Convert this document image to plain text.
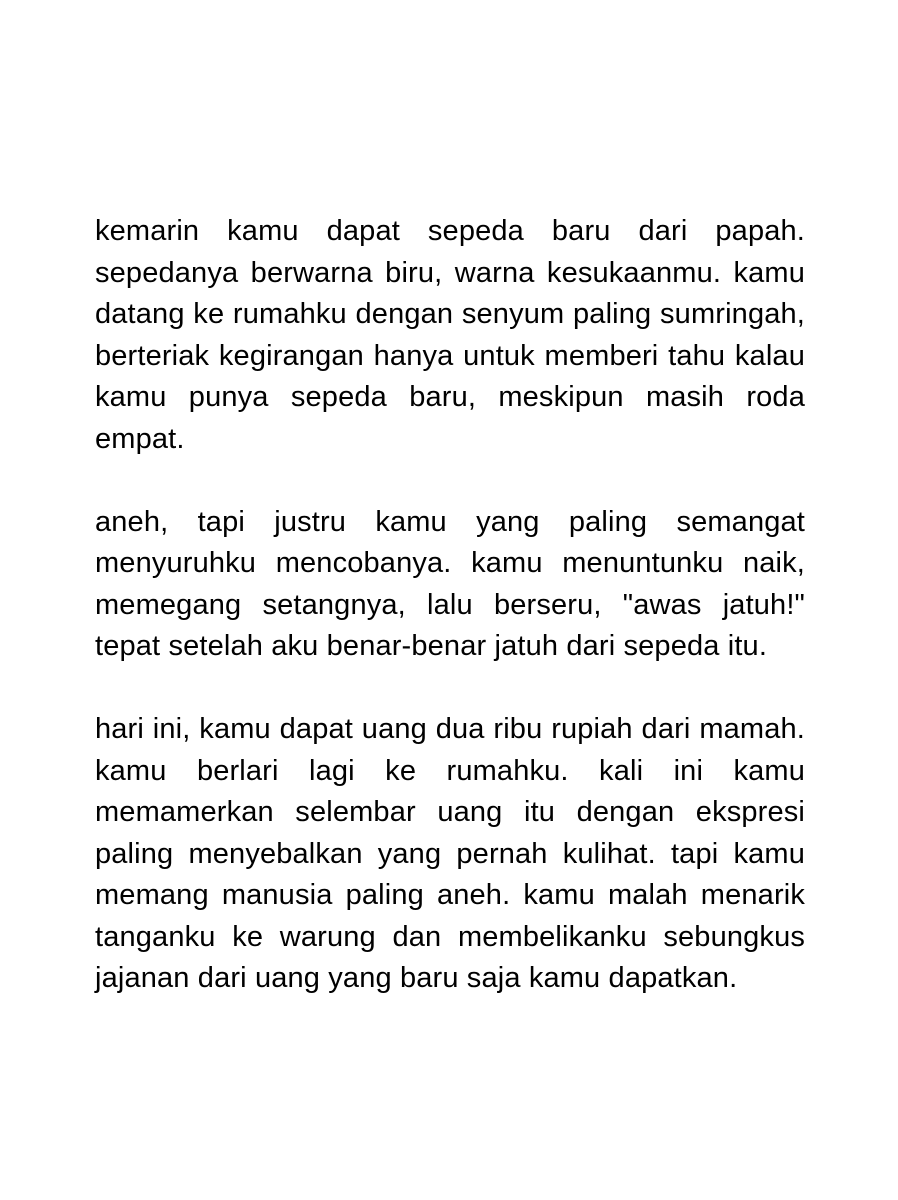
kemarin kamu dapat sepeda baru dari papah. sepedanya berwarna biru, warna kesukaanmu. kamu datang ke rumahku dengan senyum paling sumringah, berteriak kegirangan hanya untuk memberi tahu kalau kamu punya sepeda baru, meskipun masih roda empat.

aneh, tapi justru kamu yang paling semangat menyuruhku mencobanya. kamu menuntunku naik, memegang setangnya, lalu berseru, "awas jatuh!" tepat setelah aku benar-benar jatuh dari sepeda itu.

hari ini, kamu dapat uang dua ribu rupiah dari mamah. kamu berlari lagi ke rumahku. kali ini kamu memamerkan selembar uang itu dengan ekspresi paling menyebalkan yang pernah kulihat. tapi kamu memang manusia paling aneh. kamu malah menarik tanganku ke warung dan membelikanku sebungkus jajanan dari uang yang baru saja kamu dapatkan.
